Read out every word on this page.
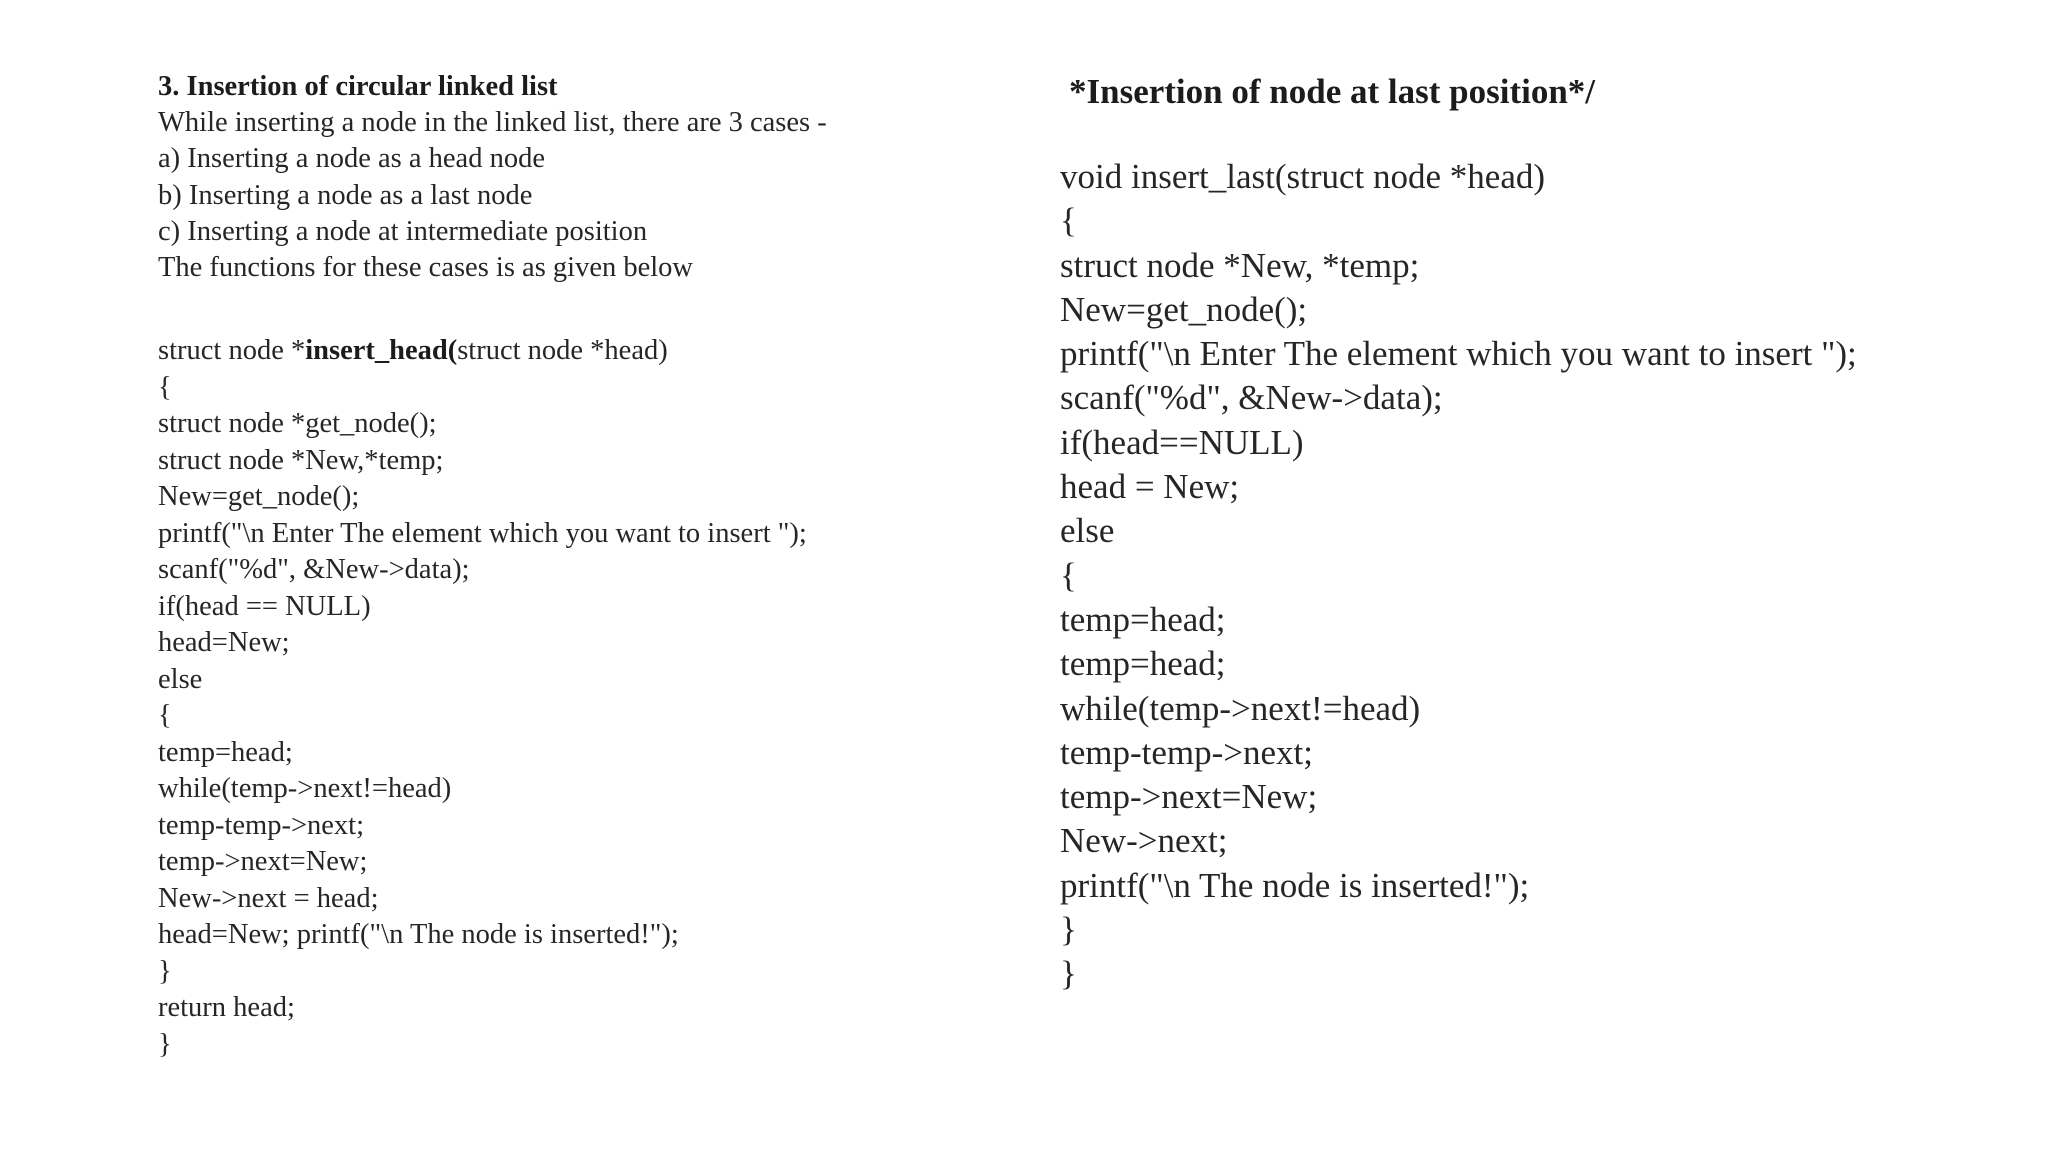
3. Insertion of circular linked list
While inserting a node in the linked list, there are 3 cases -
a) Inserting a node as a head node
b) Inserting a node as a last node
c) Inserting a node at intermediate position
The functions for these cases is as given below
struct node *insert_head(struct node *head)
{
struct node *get_node();
struct node *New,*temp;
New=get_node();
printf("\n Enter The element which you want to insert ");
scanf("%d", &New->data);
if(head == NULL)
head=New;
else
{
temp=head;
while(temp->next!=head)
temp-temp->next;
temp->next=New;
New->next = head;
head=New; printf("\n The node is inserted!");
}
return head;
}
*Insertion of node at last position*/
void insert_last(struct node *head)
{
struct node *New, *temp;
New=get_node();
printf("\n Enter The element which you want to insert ");
scanf("%d", &New->data);
if(head==NULL)
head = New;
else
{
temp=head;
temp=head;
while(temp->next!=head)
temp-temp->next;
temp->next=New;
New->next;
printf("\n The node is inserted!");
}
}
